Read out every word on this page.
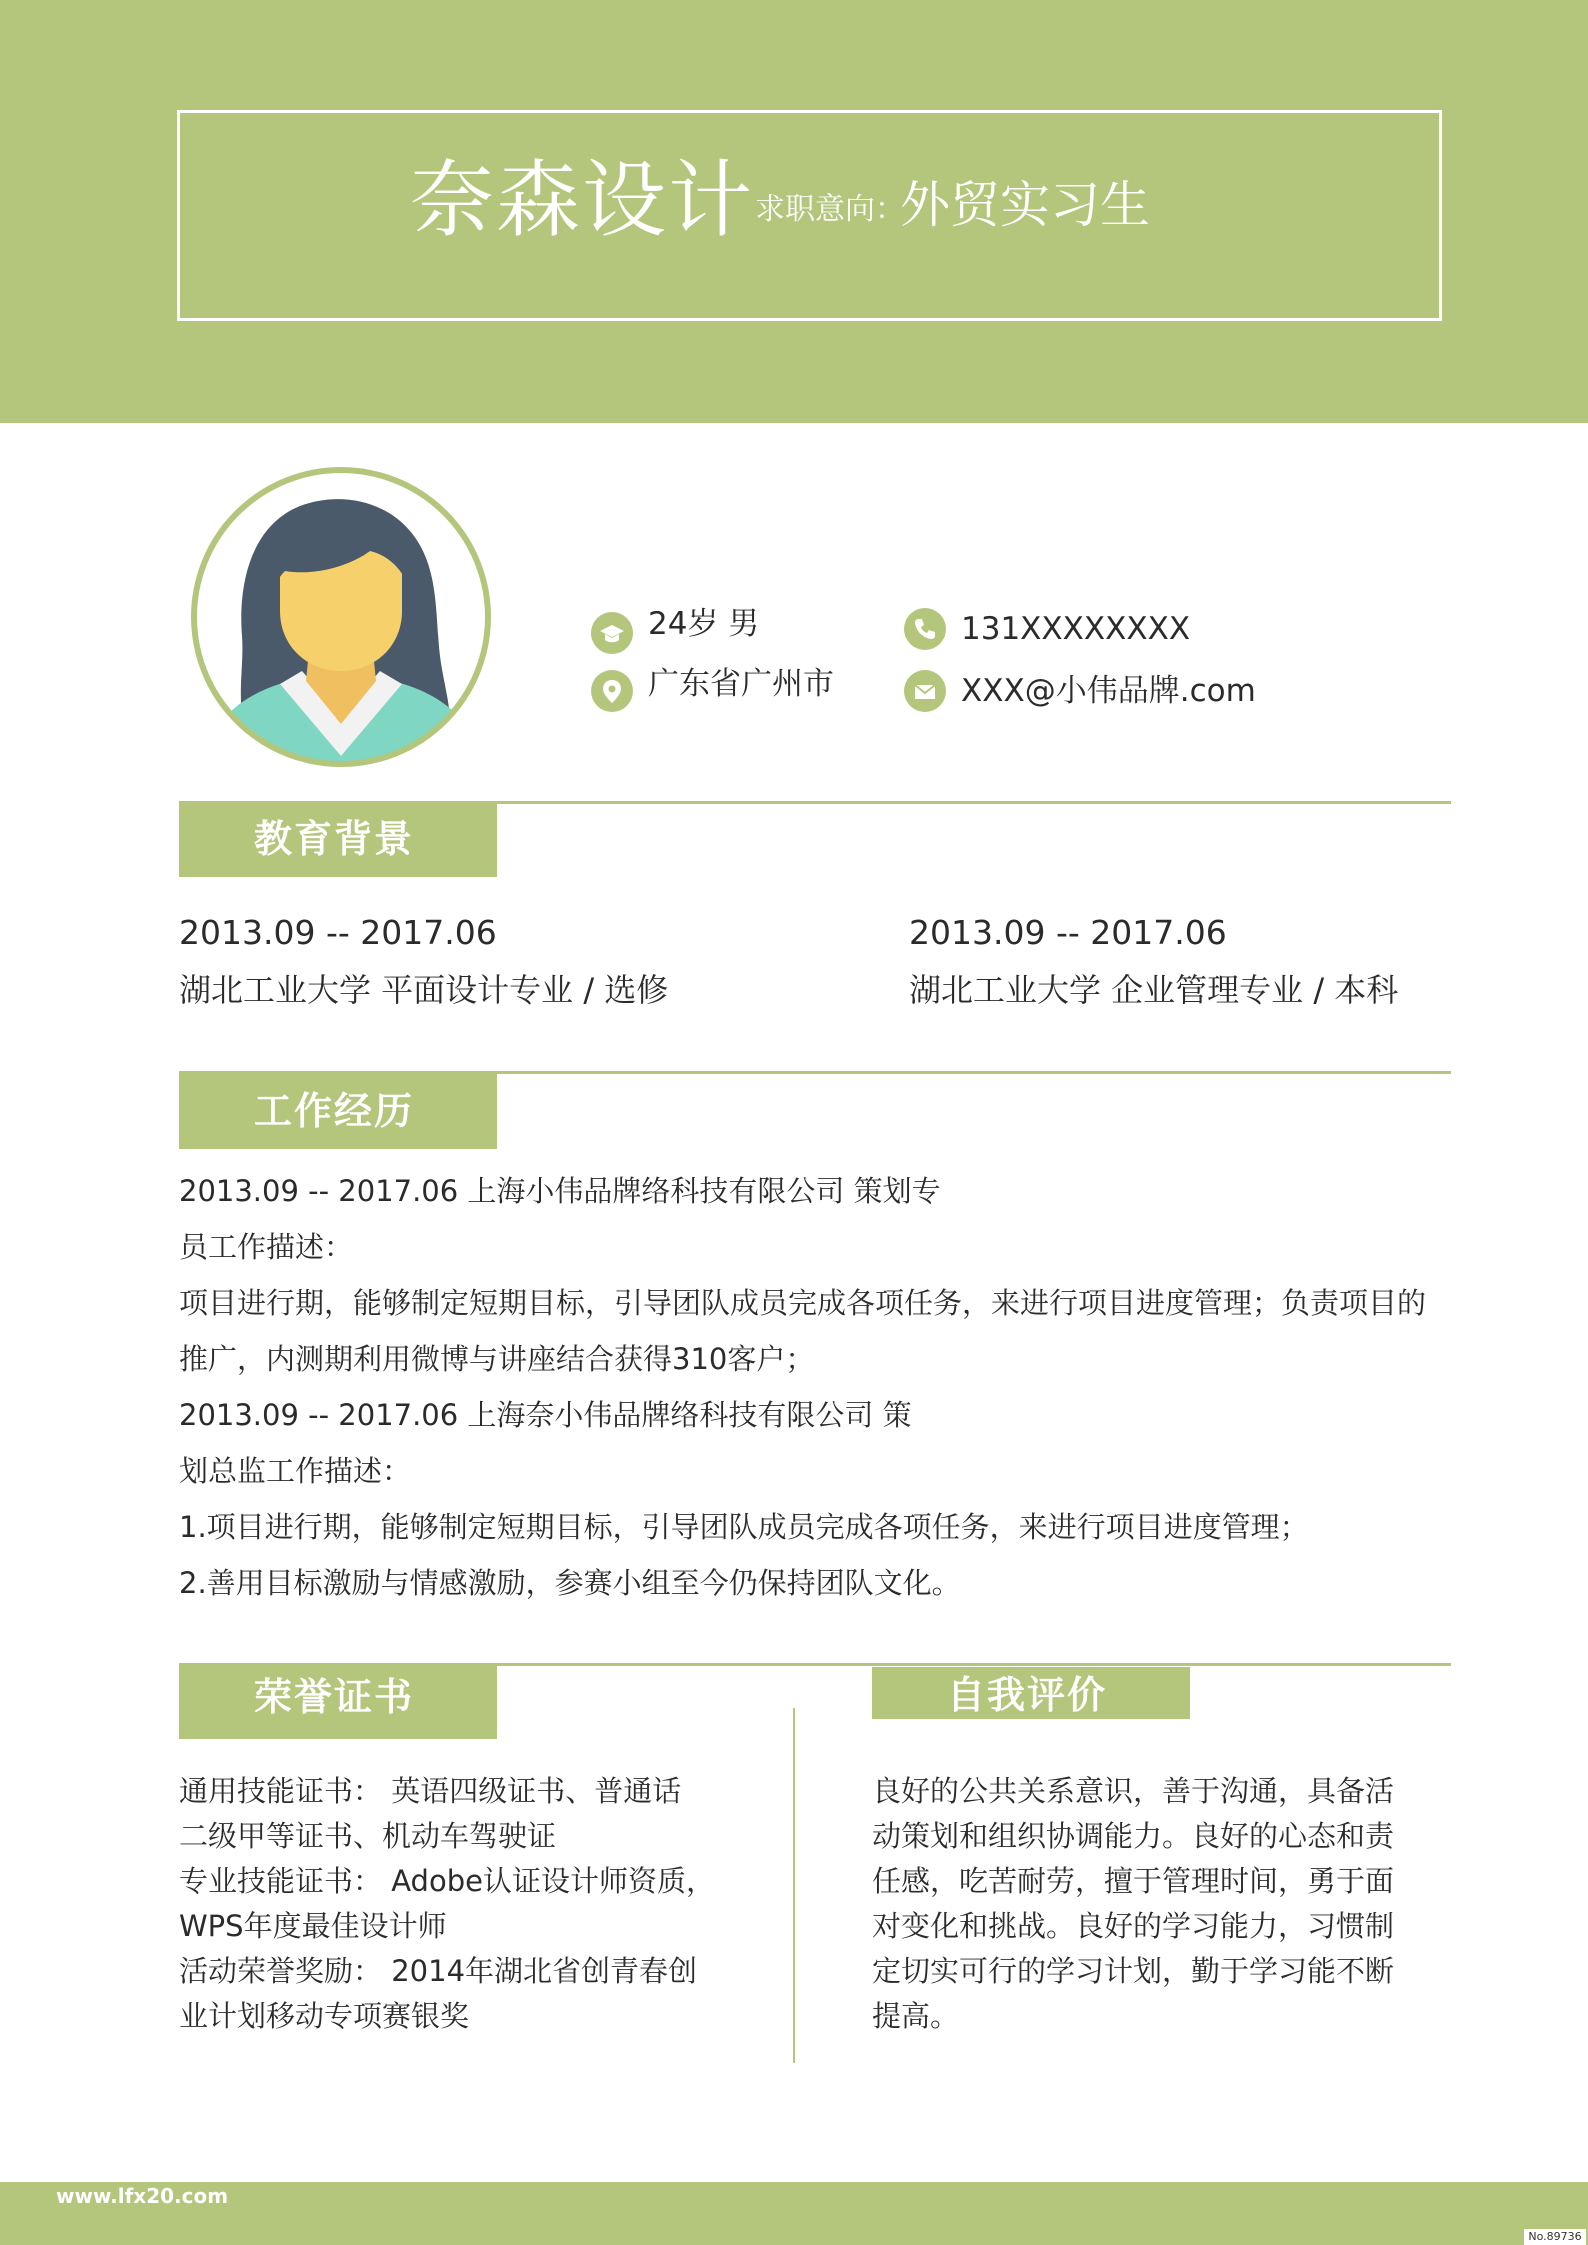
奈森设计 求职意向：
外贸实习生
24岁 男
广东省广州市
131XXXXXXXX
XXX@小伟品牌.com
教育背景
2013.09 -- 2017.06
湖北工业大学 平面设计专业 / 选修
2013.09 -- 2017.06
湖北工业大学 企业管理专业 / 本科
工作经历
2013.09 -- 2017.06 上海小伟品牌络科技有限公司 策划专
员工作描述：
项目进行期，能够制定短期目标，引导团队成员完成各项任务，来进行项目进度管理；负责项目的
推广，内测期利用微博与讲座结合获得310客户；
2013.09 -- 2017.06 上海奈小伟品牌络科技有限公司 策
划总监工作描述：
1.项目进行期，能够制定短期目标，引导团队成员完成各项任务，来进行项目进度管理；
2.善用目标激励与情感激励，参赛小组至今仍保持团队文化。
荣誉证书
通用技能证书： 英语四级证书、普通话
二级甲等证书、机动车驾驶证
专业技能证书： Adobe认证设计师资质，
WPS年度最佳设计师
活动荣誉奖励： 2014年湖北省创青春创
业计划移动专项赛银奖
自我评价
良好的公共关系意识，善于沟通，具备活
动策划和组织协调能力。良好的心态和责
任感，吃苦耐劳，擅于管理时间，勇于面
对变化和挑战。良好的学习能力，习惯制
定切实可行的学习计划，勤于学习能不断
提高。
www.lfx20.com
No.89736
